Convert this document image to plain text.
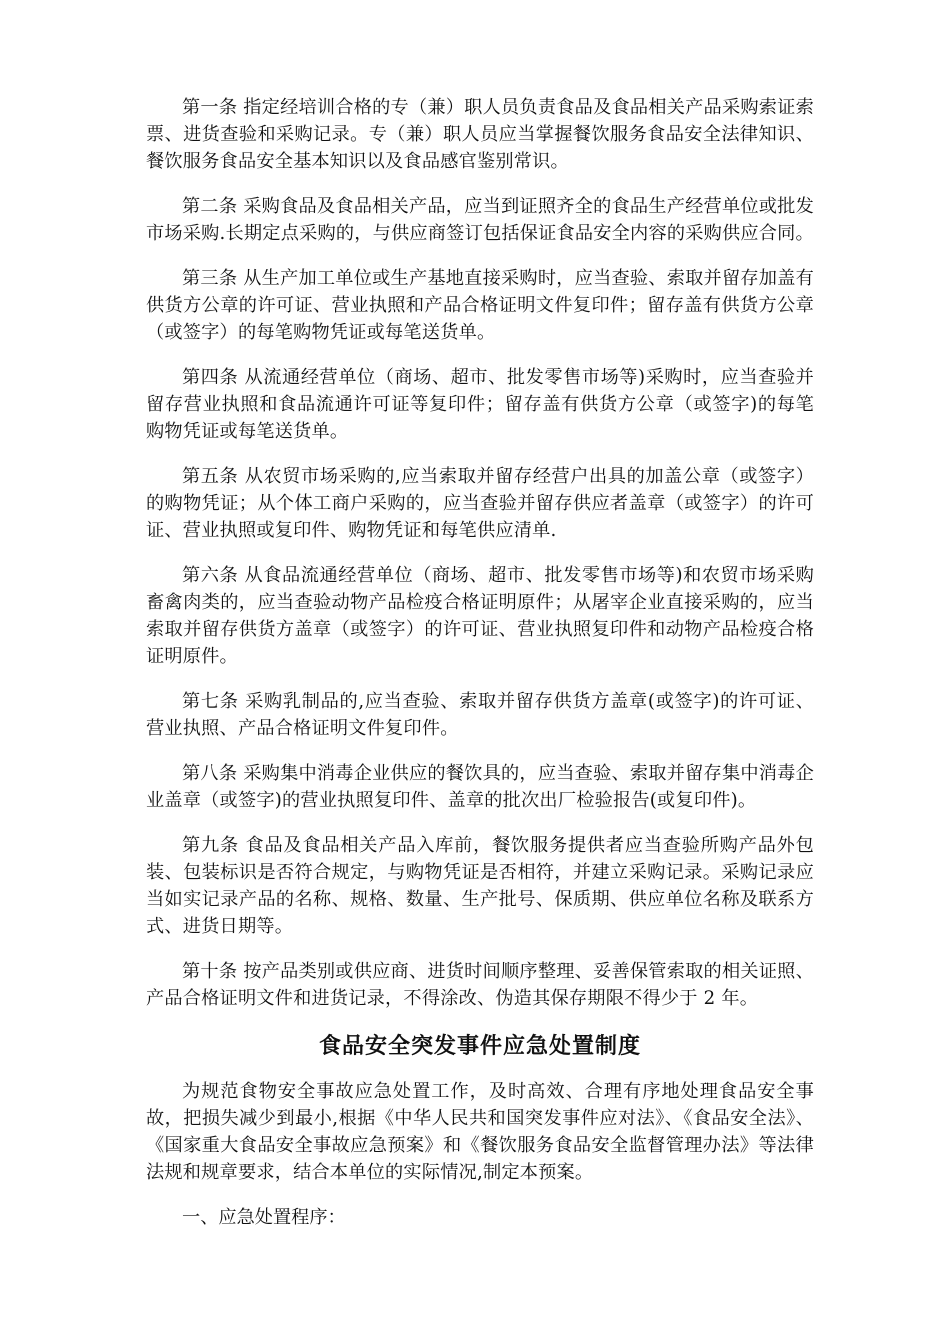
第一条 指定经培训合格的专（兼）职人员负责食品及食品相关产品采购索证索票、进货查验和采购记录。专（兼）职人员应当掌握餐饮服务食品安全法律知识、餐饮服务食品安全基本知识以及食品感官鉴别常识。

第二条 采购食品及食品相关产品，应当到证照齐全的食品生产经营单位或批发市场采购.长期定点采购的，与供应商签订包括保证食品安全内容的采购供应合同。

第三条 从生产加工单位或生产基地直接采购时，应当查验、索取并留存加盖有供货方公章的许可证、营业执照和产品合格证明文件复印件；留存盖有供货方公章（或签字）的每笔购物凭证或每笔送货单。

第四条 从流通经营单位（商场、超市、批发零售市场等)采购时，应当查验并留存营业执照和食品流通许可证等复印件；留存盖有供货方公章（或签字)的每笔购物凭证或每笔送货单。

第五条 从农贸市场采购的,应当索取并留存经营户出具的加盖公章（或签字）的购物凭证；从个体工商户采购的，应当查验并留存供应者盖章（或签字）的许可证、营业执照或复印件、购物凭证和每笔供应清单.

第六条 从食品流通经营单位（商场、超市、批发零售市场等)和农贸市场采购畜禽肉类的，应当查验动物产品检疫合格证明原件；从屠宰企业直接采购的，应当索取并留存供货方盖章（或签字）的许可证、营业执照复印件和动物产品检疫合格证明原件。

第七条 采购乳制品的,应当查验、索取并留存供货方盖章(或签字)的许可证、营业执照、产品合格证明文件复印件。

第八条 采购集中消毒企业供应的餐饮具的，应当查验、索取并留存集中消毒企业盖章（或签字)的营业执照复印件、盖章的批次出厂检验报告(或复印件)。

第九条 食品及食品相关产品入库前，餐饮服务提供者应当查验所购产品外包装、包装标识是否符合规定，与购物凭证是否相符，并建立采购记录。采购记录应当如实记录产品的名称、规格、数量、生产批号、保质期、供应单位名称及联系方式、进货日期等。

第十条 按产品类别或供应商、进货时间顺序整理、妥善保管索取的相关证照、产品合格证明文件和进货记录，不得涂改、伪造其保存期限不得少于 2 年。

食品安全突发事件应急处置制度

为规范食物安全事故应急处置工作，及时高效、合理有序地处理食品安全事故，把损失减少到最小,根据《中华人民共和国突发事件应对法》、《食品安全法》、《国家重大食品安全事故应急预案》和《餐饮服务食品安全监督管理办法》等法律法规和规章要求，结合本单位的实际情况,制定本预案。

一、应急处置程序：
